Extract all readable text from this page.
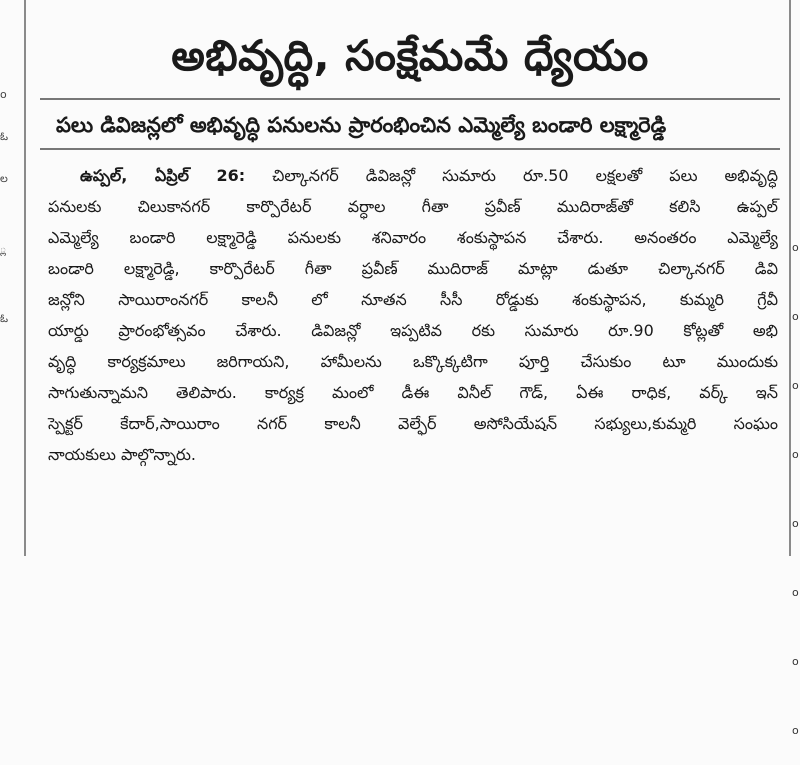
o

ఓ

ల

్ల

ఓ

o

o

o

o

o

o

o

o

అభివృద్ధి, సంక్షేమమే ధ్యేయం
పలు డివిజన్లలో అభివృద్ధి పనులను ప్రారంభించిన ఎమ్మెల్యే బండారి లక్ష్మారెడ్డి
ఉప్పల్, ఏప్రిల్ 26: చిల్కానగర్ డివిజన్లో సుమారు రూ.50 లక్షలతో పలు అభివృద్ధి
పనులకు చిలుకానగర్ కార్పొరేటర్ వర్ధాల గీతా ప్రవీణ్ ముదిరాజ్‌తో కలిసి ఉప్పల్
ఎమ్మెల్యే బండారి లక్ష్మారెడ్డి పనులకు శనివారం శంకుస్థాపన చేశారు. అనంతరం ఎమ్మెల్యే
బండారి లక్ష్మారెడ్డి, కార్పొరేటర్ గీతా ప్రవీణ్ ముదిరాజ్ మాట్లా డుతూ చిల్కానగర్ డివి
జన్లోని సాయిరాంనగర్ కాలనీ లో నూతన సీసీ రోడ్డుకు శంకుస్థాపన, కుమ్మరి గ్రేవీ
యార్డు ప్రారంభోత్సవం చేశారు. డివిజన్లో ఇప్పటివ రకు సుమారు రూ.90 కోట్లతో అభి
వృద్ధి కార్యక్రమాలు జరిగాయని, హామీలను ఒక్కొక్కటిగా పూర్తి చేసుకుం టూ ముందుకు
సాగుతున్నామని తెలిపారు. కార్యక్ర మంలో డీఈ వినీల్ గౌడ్, ఏఈ రాధిక, వర్క్ ఇన్
స్పెక్టర్ కేదార్,సాయిరాం నగర్ కాలనీ వెల్ఫేర్ అసోసియేషన్ సభ్యులు,కుమ్మరి సంఘం
నాయకులు పాల్గొన్నారు.
